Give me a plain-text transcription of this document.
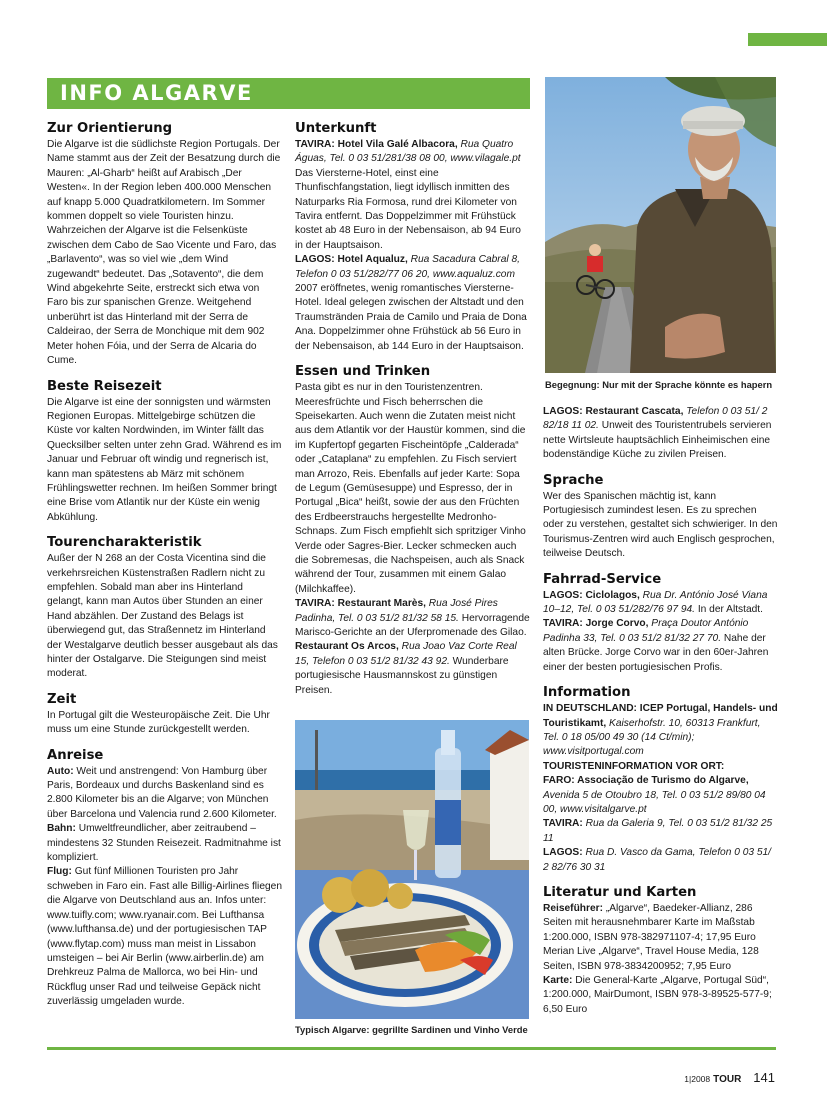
INFO ALGARVE
Zur Orientierung

Die Algarve ist die südlichste Region Portugals. Der Name stammt aus der Zeit der Besatzung durch die Mauren: „Al-Gharb“ heißt auf Arabisch „Der Westen«. In der Region leben 400.000 Menschen auf knapp 5.000 Quadratkilometern. Im Sommer kommen doppelt so viele Touristen hinzu. Wahrzeichen der Algarve ist die Felsenküste zwischen dem Cabo de Sao Vicente und Faro, das „Barlavento“, was so viel wie „dem Wind zugewandt“ bedeutet. Das „Sotavento“, die dem Wind abgekehrte Seite, erstreckt sich etwa von Faro bis zur spanischen Grenze. Weitgehend unberührt ist das Hinterland mit der Serra de Caldeirao, der Serra de Monchique mit dem 902 Meter hohen Fóia, und der Serra de Alcaria do Cume.

Beste Reisezeit

Die Algarve ist eine der sonnigsten und wärmsten Regionen Europas. Mittelgebirge schützen die Küste vor kalten Nordwinden, im Winter fällt das Quecksilber selten unter zehn Grad. Während es im Januar und Februar oft windig und regnerisch ist, kann man spätestens ab März mit schönem Frühlingswetter rechnen. Im heißen Sommer bringt eine Brise vom Atlantik nur der Küste ein wenig Abkühlung.

Tourencharakteristik

Außer der N 268 an der Costa Vicentina sind die verkehrsreichen Küstenstraßen Radlern nicht zu empfehlen. Sobald man aber ins Hinterland gelangt, kann man Autos über Stunden an einer Hand abzählen. Der Zustand des Belags ist überwiegend gut, das Straßennetz im Hinterland der Westalgarve deutlich besser ausgebaut als das hinter der Ostalgarve. Die Steigungen sind meist moderat.

Zeit

In Portugal gilt die Westeuropäische Zeit. Die Uhr muss um eine Stunde zurückgestellt werden.

Anreise

Auto: Weit und anstrengend: Von Hamburg über Paris, Bordeaux und durchs Baskenland sind es 2.800 Kilometer bis an die Algarve; von München über Barcelona und Valencia rund 2.600 Kilometer.

Bahn: Umweltfreundlicher, aber zeitraubend – mindestens 32 Stunden Reisezeit. Radmitnahme ist kompliziert.

Flug: Gut fünf Millionen Touristen pro Jahr schweben in Faro ein. Fast alle Billig-Airlines fliegen die Algarve von Deutschland aus an. Infos unter: www.tuifly.com; www.ryanair.com. Bei Lufthansa (www.lufthansa.de) und der portugiesischen TAP (www.flytap.com) muss man meist in Lissabon umsteigen – bei Air Berlin (www.airberlin.de) am Drehkreuz Palma de Mallorca, wo bei Hin- und Rückflug unser Rad und teilweise Gepäck nicht zuverlässig umgeladen wurde.

Unterkunft

TAVIRA: Hotel Vila Galé Albacora, Rua Quatro Águas, Tel. 0 03 51/281/38 08 00, www.vilagale.pt Das Viersterne-Hotel, einst eine Thunfischfangstation, liegt idyllisch inmitten des Naturparks Ria Formosa, rund drei Kilometer von Tavira entfernt. Das Doppelzimmer mit Frühstück kostet ab 48 Euro in der Nebensaison, ab 94 Euro in der Hauptsaison.

LAGOS: Hotel Aqualuz, Rua Sacadura Cabral 8, Telefon 0 03 51/282/77 06 20, www.aqualuz.com 2007 eröffnetes, wenig romantisches Viersterne-Hotel. Ideal gelegen zwischen der Altstadt und den Traumstränden Praia de Camilo und Praia de Dona Ana. Doppelzimmer ohne Frühstück ab 56 Euro in der Nebensaison, ab 144 Euro in der Hauptsaison.

Essen und Trinken

Pasta gibt es nur in den Touristenzentren. Meeresfrüchte und Fisch beherrschen die Speisekarten. Auch wenn die Zutaten meist nicht aus dem Atlantik vor der Haustür kommen, sind die im Kupfertopf gegarten Fischeintöpfe „Calderada“ oder „Cataplana“ zu empfehlen. Zu Fisch serviert man Arrozo, Reis. Ebenfalls auf jeder Karte: Sopa de Legum (Gemüsesuppe) und Espresso, der in Portugal „Bica“ heißt, sowie der aus den Früchten des Erdbeerstrauchs hergestellte Medronho-Schnaps. Zum Fisch empfiehlt sich spritziger Vinho Verde oder Sagres-Bier. Lecker schmecken auch die Sobremesas, die Nachspeisen, auch als Snack während der Tour, zusammen mit einem Galao (Milchkaffee).

TAVIRA: Restaurant Marès, Rua José Pires Padinha, Tel. 0 03 51/2 81/32 58 15. Hervorragende Marisco-Gerichte an der Uferpromenade des Gilao.

Restaurant Os Arcos, Rua Joao Vaz Corte Real 15, Telefon 0 03 51/2 81/32 43 92. Wunderbare portugiesische Hausmannskost zu günstigen Preisen.

Begegnung: Nur mit der Sprache könnte es hapern
Typisch Algarve: gegrillte Sardinen und Vinho Verde

LAGOS: Restaurant Cascata, Telefon 0 03 51/ 2 82/18 11 02. Unweit des Touristentrubels servieren nette Wirtsleute hauptsächlich Einheimischen eine bodenständige Küche zu zivilen Preisen.

Sprache

Wer des Spanischen mächtig ist, kann Portugiesisch zumindest lesen. Es zu sprechen oder zu verstehen, gestaltet sich schwieriger. In den Tourismus-Zentren wird auch Englisch gesprochen, teilweise Deutsch.

Fahrrad-Service

LAGOS: Ciclolagos, Rua Dr. António José Viana 10–12, Tel. 0 03 51/282/76 97 94. In der Altstadt.

TAVIRA: Jorge Corvo, Praça Doutor António Padinha 33, Tel. 0 03 51/2 81/32 27 70. Nahe der alten Brücke. Jorge Corvo war in den 60er-Jahren einer der besten portugiesischen Profis.

Information

IN DEUTSCHLAND: ICEP Portugal, Handels- und Touristikamt, Kaiserhofstr. 10, 60313 Frankfurt, Tel. 0 18 05/00 49 30 (14 Ct/min); www.visitportugal.com

TOURISTENINFORMATION VOR ORT:

FARO: Associação de Turismo do Algarve, Avenida 5 de Otoubro 18, Tel. 0 03 51/2 89/80 04 00, www.visitalgarve.pt

TAVIRA: Rua da Galeria 9, Tel. 0 03 51/2 81/32 25 11

LAGOS: Rua D. Vasco da Gama, Telefon 0 03 51/ 2 82/76 30 31

Literatur und Karten

Reiseführer: „Algarve“, Baedeker-Allianz, 286 Seiten mit herausnehmbarer Karte im Maßstab 1:200.000, ISBN 978-382971107-4; 17,95 Euro Merian Live „Algarve“, Travel House Media, 128 Seiten, ISBN 978-3834200952; 7,95 Euro

Karte: Die General-Karte „Algarve, Portugal Süd“, 1:200.000, MairDumont, ISBN 978-3-89525-577-9; 6,50 Euro

1|2008 TOUR 141
